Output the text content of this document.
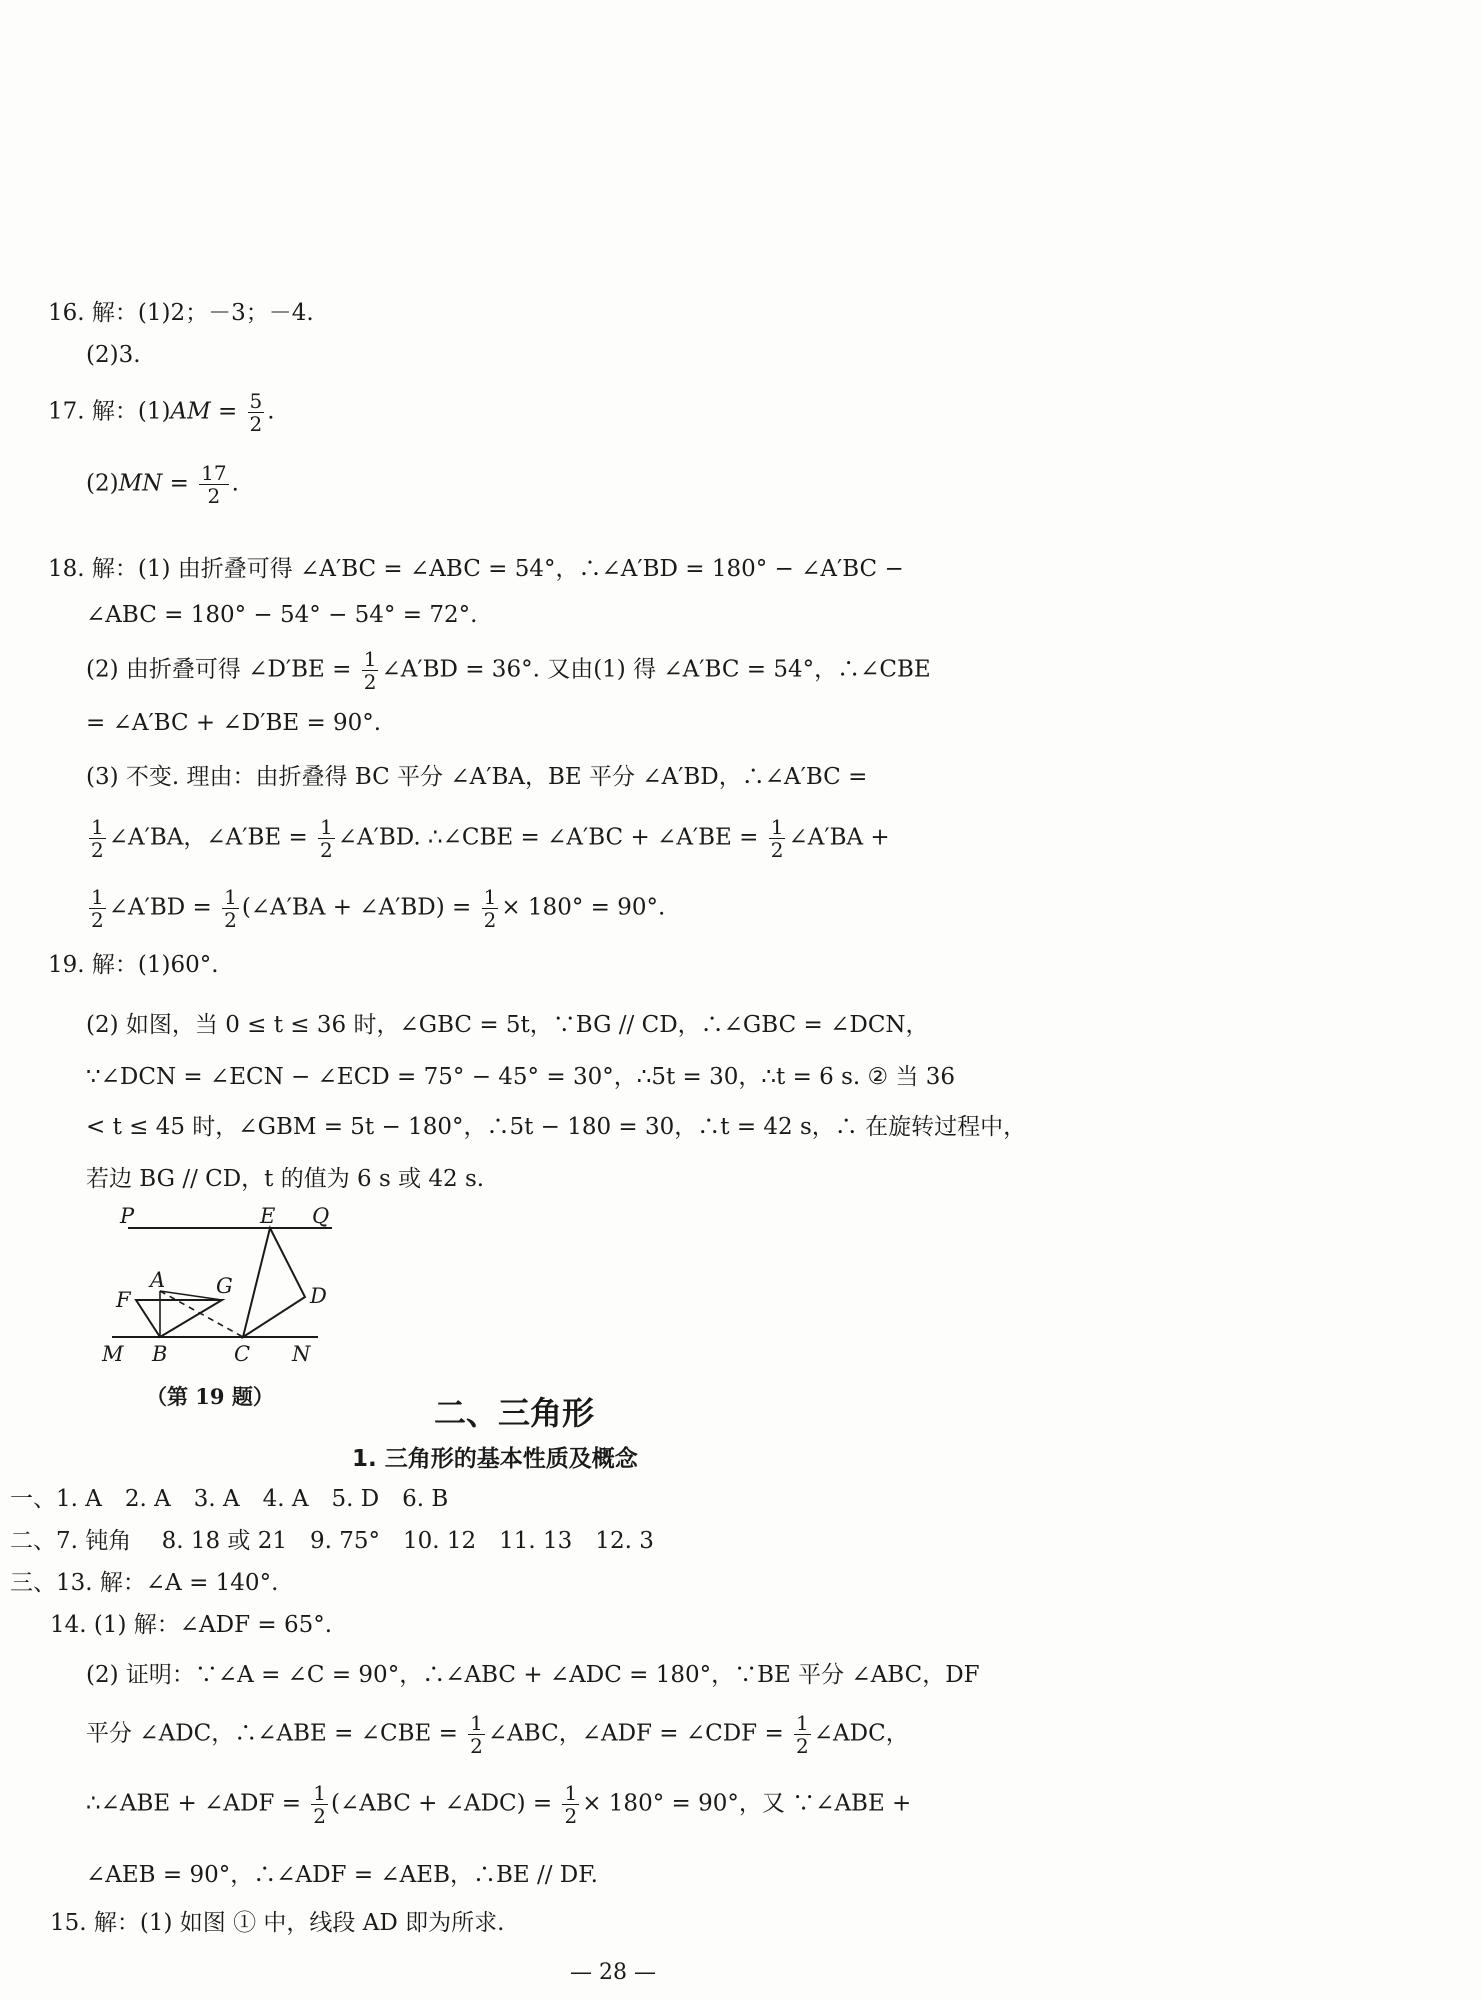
16. 解：(1)2；－3；－4.
(2)3.
17. 解：$(1)AM = \frac{5}{2}$ .
$(2)MN = \frac{17}{2}$ .
18. 解：(1) 由折叠可得 ∠A′BC = ∠ABC = 54°，∴∠A′BD = 180° − ∠A′BC −
∠ABC = 180° − 54° − 54° = 72°.
(2) 由折叠可得 ∠D′BE = $\frac{1}{2}$ ∠A′BD = 36°. 又由(1) 得 ∠A′BC = 54°，∴∠CBE
= ∠A′BC + ∠D′BE = 90°.
(3) 不变. 理由：由折叠得 BC 平分 ∠A′BA，BE 平分 ∠A′BD，∴∠A′BC =
$\frac{1}{2}$ ∠A′BA，∠A′BE = $\frac{1}{2}$ ∠A′BD. ∴∠CBE = ∠A′BC + ∠A′BE = $\frac{1}{2}$ ∠A′BA +
$\frac{1}{2}$ ∠A′BD = $\frac{1}{2}$ (∠A′BA + ∠A′BD) = $\frac{1}{2} \times 180^\circ = 90^\circ$.
19. 解：(1)60°.
(2) 如图，当 0 ≤ t ≤ 36 时，∠GBC = 5t，∵BG // CD，∴∠GBC = ∠DCN，
∵∠DCN = ∠ECN − ∠ECD = 75° − 45° = 30°，∴5t = 30，∴t = 6 s. ② 当 36
< t ≤ 45 时，∠GBM = 5t − 180°，∴5t − 180 = 30，∴t = 42 s，∴ 在旋转过程中，
若边 BG // CD，t 的值为 6 s 或 42 s.
P	E Q
A G
F	D
M B	C N
（第 19 题）	二、三角形
1. 三角形的基本性质及概念
一、1. A　2. A　3. A　4. A　5. D　6. B
二、7. 钝角　 8. 18 或 21　9. 75°　10. 12　11. 13　12. 3
三、13. 解：∠A = 140°.
14. (1) 解：∠ADF = 65°.
(2) 证明：∵∠A = ∠C = 90°，∴∠ABC + ∠ADC = 180°，∵BE 平分 ∠ABC，DF
平分 ∠ADC，∴∠ABE = ∠CBE = $\frac{1}{2}$ ∠ABC，∠ADF = ∠CDF = $\frac{1}{2}$ ∠ADC，
∴∠ABE + ∠ADF = $\frac{1}{2}$ (∠ABC + ∠ADC) = $\frac{1}{2} \times 180^\circ = 90^\circ$，又 ∵∠ABE +
∠AEB = 90°，∴∠ADF = ∠AEB，∴BE // DF.
15. 解：(1) 如图 ① 中，线段 AD 即为所求.
— 28 —
